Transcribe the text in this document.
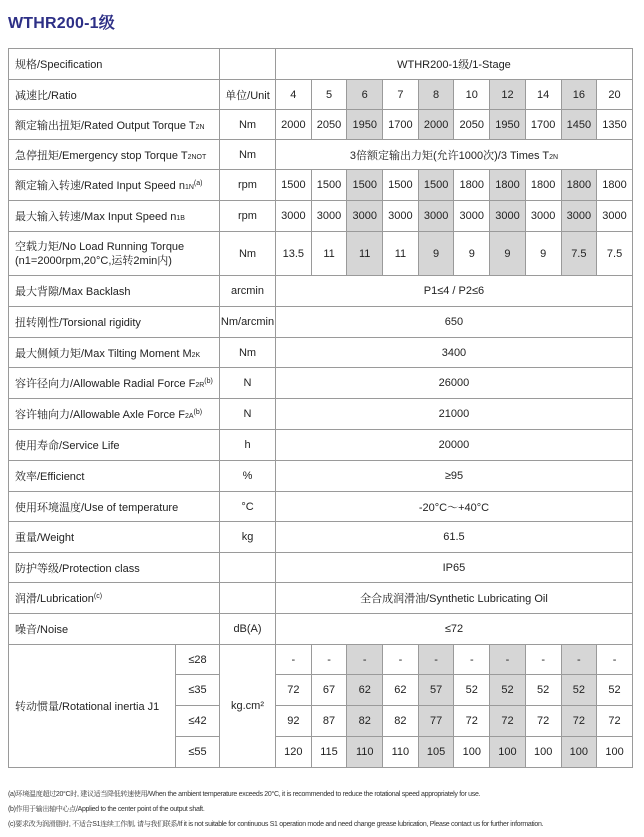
WTHR200-1级
规格/Specification			WTHR200-1级/1-Stage									
减速比/Ratio		单位/Unit	4	5	6	7	8	10	12	14	16	20
额定输出扭矩/Rated Output Torque T2N		Nm	2000	2050	1950	1700	2000	2050	1950	1700	1450	1350
急停扭矩/Emergency stop Torque T2NOT		Nm	3倍额定输出力矩(允许1000次)/3 Times T2N									
额定输入转速/Rated Input Speed $n1N^{(a)}$		rpm	1500	1500	1500	1500	1500	1800	1800	1800	1800	1800
最大输入转速/Max Input Speed n1B		rpm	3000	3000	3000	3000	3000	3000	3000	3000	3000	3000

空载力矩/No Load Running Torque
(n1=2000rpm,20°C,运转2min内)		Nm	13.5	11	11	11	9	9	9	9	7.5	7.5
最大背隙/Max Backlash		arcmin	P1≤4 / P2≤6									
扭转刚性/Torsional rigidity		Nm/arcmin	650									
最大侧倾力矩/Max Tilting Moment M2K		Nm	3400									
容许径向力/Allowable Radial Force $F2R^{(b)}$		N	26000									
容许轴向力/Allowable Axle Force $F2A^{(b)}$		N	21000									
使用寿命/Service Life		h	20000									
效率/Efficienct		%	≥95									
使用环境温度/Use of temperature		°C	-20°C～+40°C									
重量/Weight		kg	61.5									
防护等级/Protection class			IP65									
润滑/Lubrication$^{(c)}$			全合成润滑油/Synthetic Lubricating Oil									
噪音/Noise		dB(A)	≤72									
转动惯量/Rotational inertia J1	≤28	kg.cm²	-	-	-	-	-	-	-	-	-	-
	≤35		72	67	62	62	57	52	52	52	52	52
	≤42		92	87	82	82	77	72	72	72	72	72
	≤55		120	115	110	110	105	100	100	100	100	100
(a)环境温度超过20°C时, 建议适当降低转速使用/When the ambient temperature exceeds 20°C, it is recommended to reduce the rotational speed appropriately for use.
(b)作用于输出轴中心点/Applied to the center point of the output shaft.
(c)要求改为润滑脂时, 不适合S1连续工作制, 请与我们联系/If it is not suitable for continuous S1 operation mode and need change grease lubrication, Please contact us for further information.
